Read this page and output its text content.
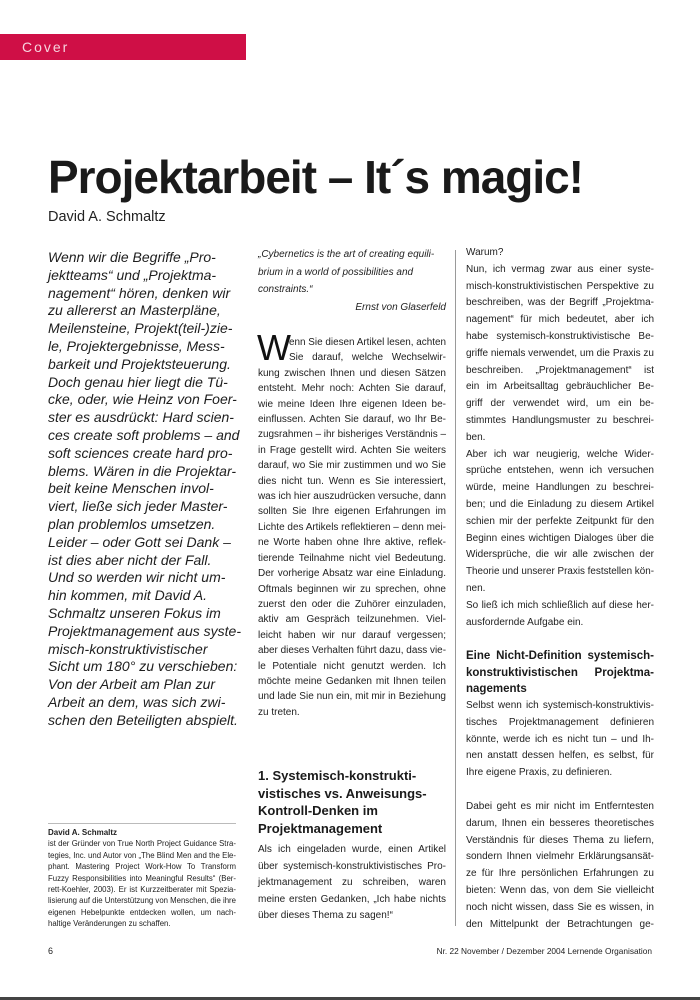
Cover
Projektarbeit – It´s magic!
David A. Schmaltz
Wenn wir die Begriffe „Pro-
jektteams“ und „Projektma-
nagement“ hören, denken wir
zu allererst an Masterpläne,
Meilensteine, Projekt(teil-)zie-
le, Projektergebnisse, Mess-
barkeit und Projektsteuerung.
Doch genau hier liegt die Tü-
cke, oder, wie Heinz von Foer-
ster es ausdrückt: Hard scien-
ces create soft problems – and
soft sciences create hard pro-
blems. Wären in die Projektar-
beit keine Menschen invol-
viert, ließe sich jeder Master-
plan problemlos umsetzen.
Leider – oder Gott sei Dank –
ist dies aber nicht der Fall.
Und so werden wir nicht um-
hin kommen, mit David A.
Schmaltz unseren Fokus im
Projektmanagement aus syste-
misch-konstruktivistischer
Sicht um 180° zu verschieben:
Von der Arbeit am Plan zur
Arbeit an dem, was sich zwi-
schen den Beteiligten abspielt.
David A. Schmaltz
ist der Gründer von True North Project Guidance Stra-
tegies, Inc. und Autor von „The Blind Men and the Ele-
phant. Mastering Project Work-How To Transform
Fuzzy Responsibilities into Meaningful Results“ (Ber-
rett-Koehler, 2003). Er ist Kurzzeitberater mit Spezia-
lisierung auf die Unterstützung von Menschen, die ihre
eigenen Hebelpunkte entdecken wollen, um nach-
haltige Veränderungen zu schaffen.
„Cybernetics is the art of creating equili-
brium in a world of possibilities and
constraints.“
Ernst von Glaserfeld
W
enn Sie diesen Artikel lesen, achten
Sie darauf, welche Wechselwir-
kung zwischen Ihnen und diesen Sätzen
entsteht. Mehr noch: Achten Sie darauf,
wie meine Ideen Ihre eigenen Ideen be-
einflussen. Achten Sie darauf, wo Ihr Be-
zugsrahmen – ihr bisheriges Verständnis –
in Frage gestellt wird. Achten Sie weiters
darauf, wo Sie mir zustimmen und wo Sie
dies nicht tun. Wenn es Sie interessiert,
was ich hier auszudrücken versuche, dann
sollten Sie Ihre eigenen Erfahrungen im
Lichte des Artikels reflektieren – denn mei-
ne Worte haben ohne Ihre aktive, reflek-
tierende Teilnahme nicht viel Bedeutung.
Der vorherige Absatz war eine Einladung.
Oftmals beginnen wir zu sprechen, ohne
zuerst den oder die Zuhörer einzuladen,
aktiv am Gespräch teilzunehmen. Viel-
leicht haben wir nur darauf vergessen;
aber dieses Verhalten führt dazu, dass vie-
le Potentiale nicht genutzt werden. Ich
möchte meine Gedanken mit Ihnen teilen
und lade Sie nun ein, mit mir in Beziehung
zu treten.
1. Systemisch-konstrukti-
vistisches vs. Anweisungs-
Kontroll-Denken im
Projektmanagement
Als ich eingeladen wurde, einen Artikel
über systemisch-konstruktivistisches Pro-
jektmanagement zu schreiben, waren
meine ersten Gedanken, „Ich habe nichts
über dieses Thema zu sagen!“
Warum?
Nun, ich vermag zwar aus einer syste-
misch-konstruktivistischen Perspektive zu
beschreiben, was der Begriff „Projektma-
nagement“ für mich bedeutet, aber ich
habe systemisch-konstruktivistische Be-
griffe niemals verwendet, um die Praxis zu
beschreiben. „Projektmanagement“ ist
ein im Arbeitsalltag gebräuchlicher Be-
griff der verwendet wird, um ein be-
stimmtes Handlungsmuster zu beschrei-
ben.
Aber ich war neugierig, welche Wider-
sprüche entstehen, wenn ich versuchen
würde, meine Handlungen zu beschrei-
ben; und die Einladung zu diesem Artikel
schien mir der perfekte Zeitpunkt für den
Beginn eines wichtigen Dialoges über die
Widersprüche, die wir alle zwischen der
Theorie und unserer Praxis feststellen kön-
nen.
So ließ ich mich schließlich auf diese her-
ausfordernde Aufgabe ein.
Eine Nicht-Definition systemisch-
konstruktivistischen Projektma-
nagements
Selbst wenn ich systemisch-konstruktivis-
tisches Projektmanagement definieren
könnte, werde ich es nicht tun – und Ih-
nen anstatt dessen helfen, es selbst, für
Ihre eigene Praxis, zu definieren.
Dabei geht es mir nicht im Entferntesten
darum, Ihnen ein besseres theoretisches
Verständnis für dieses Thema zu liefern,
sondern Ihnen vielmehr Erklärungsansät-
ze für Ihre persönlichen Erfahrungen zu
bieten: Wenn das, von dem Sie vielleicht
noch nicht wissen, dass Sie es wissen, in
den Mittelpunkt der Betrachtungen ge-
6	Nr. 22 November / Dezember 2004 Lernende Organisation
